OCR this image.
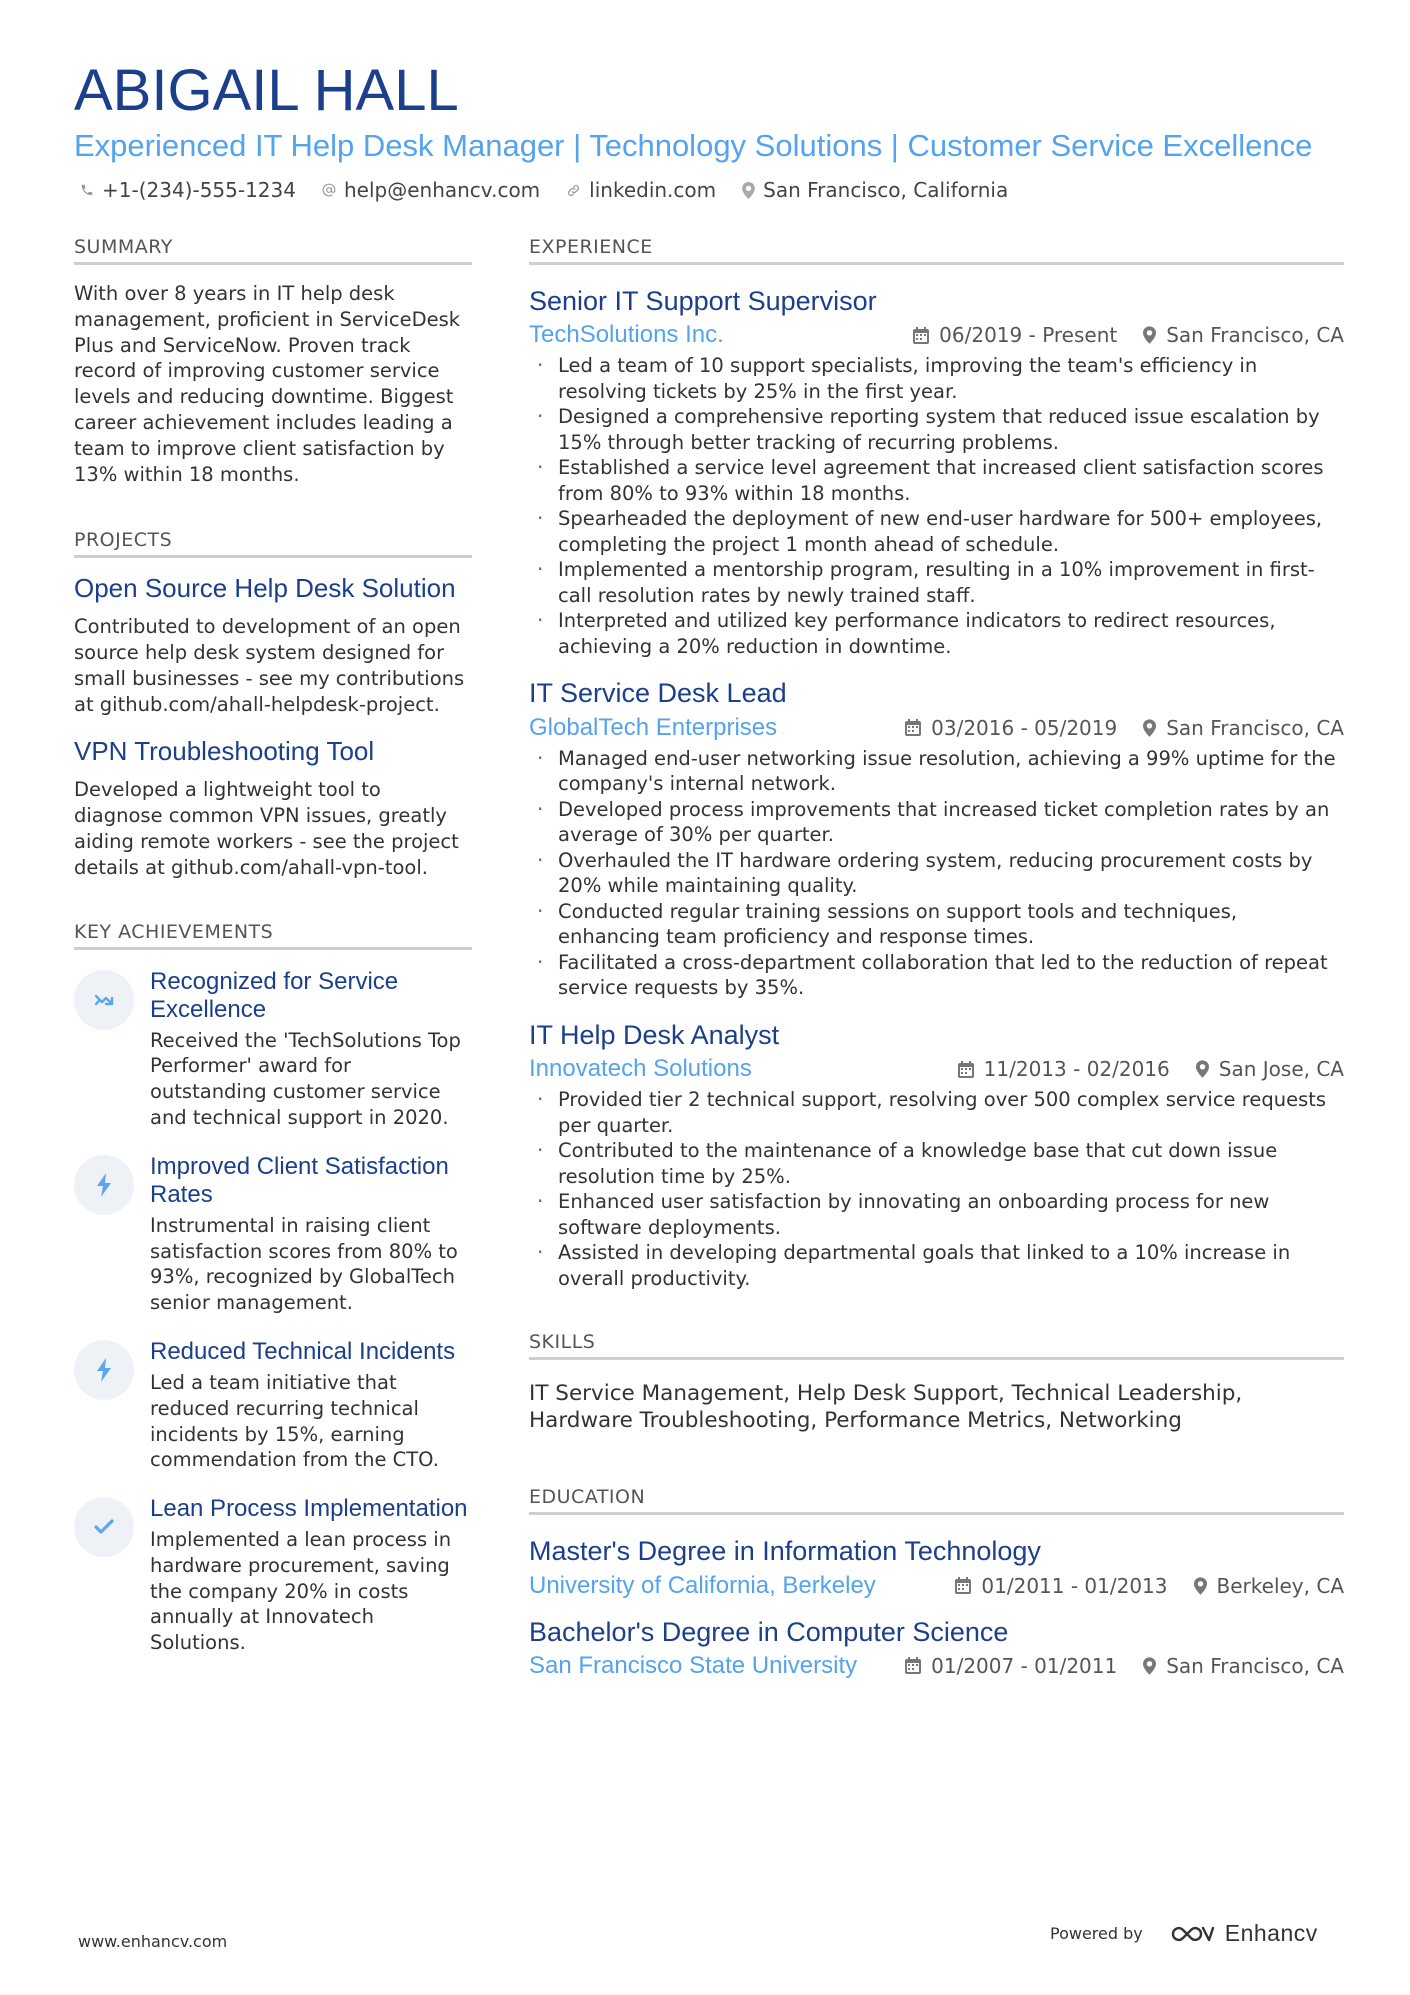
ABIGAIL HALL
Experienced IT Help Desk Manager | Technology Solutions | Customer Service Excellence
+1-(234)-555-1234 help@enhancv.com linkedin.com San Francisco, California
SUMMARY
With over 8 years in IT help desk management, proficient in ServiceDesk Plus and ServiceNow. Proven track record of improving customer service levels and reducing downtime. Biggest career achievement includes leading a team to improve client satisfaction by 13% within 18 months.
PROJECTS
Open Source Help Desk Solution
Contributed to development of an open source help desk system designed for small businesses - see my contributions at github.com/ahall-helpdesk-project.
VPN Troubleshooting Tool
Developed a lightweight tool to diagnose common VPN issues, greatly aiding remote workers - see the project details at github.com/ahall-vpn-tool.
KEY ACHIEVEMENTS
Recognized for Service Excellence
Received the 'TechSolutions Top Performer' award for outstanding customer service and technical support in 2020.
Improved Client Satisfaction Rates
Instrumental in raising client satisfaction scores from 80% to 93%, recognized by GlobalTech senior management.
Reduced Technical Incidents
Led a team initiative that reduced recurring technical incidents by 15%, earning commendation from the CTO.
Lean Process Implementation
Implemented a lean process in hardware procurement, saving the company 20% in costs annually at Innovatech Solutions.
EXPERIENCE
Senior IT Support Supervisor
TechSolutions Inc.	06/2019 - Present San Francisco, CA
· Led a team of 10 support specialists, improving the team's efficiency in resolving tickets by 25% in the first year.
· Designed a comprehensive reporting system that reduced issue escalation by 15% through better tracking of recurring problems.
· Established a service level agreement that increased client satisfaction scores from 80% to 93% within 18 months.
· Spearheaded the deployment of new end-user hardware for 500+ employees, completing the project 1 month ahead of schedule.
· Implemented a mentorship program, resulting in a 10% improvement in first-call resolution rates by newly trained staff.
· Interpreted and utilized key performance indicators to redirect resources, achieving a 20% reduction in downtime.
IT Service Desk Lead
GlobalTech Enterprises	03/2016 - 05/2019 San Francisco, CA
· Managed end-user networking issue resolution, achieving a 99% uptime for the company's internal network.
· Developed process improvements that increased ticket completion rates by an average of 30% per quarter.
· Overhauled the IT hardware ordering system, reducing procurement costs by 20% while maintaining quality.
· Conducted regular training sessions on support tools and techniques, enhancing team proficiency and response times.
· Facilitated a cross-department collaboration that led to the reduction of repeat service requests by 35%.
IT Help Desk Analyst
Innovatech Solutions	11/2013 - 02/2016 San Jose, CA
· Provided tier 2 technical support, resolving over 500 complex service requests per quarter.
· Contributed to the maintenance of a knowledge base that cut down issue resolution time by 25%.
· Enhanced user satisfaction by innovating an onboarding process for new software deployments.
· Assisted in developing departmental goals that linked to a 10% increase in overall productivity.
SKILLS
IT Service Management, Help Desk Support, Technical Leadership, Hardware Troubleshooting, Performance Metrics, Networking
EDUCATION
Master's Degree in Information Technology
University of California, Berkeley	01/2011 - 01/2013 Berkeley, CA
Bachelor's Degree in Computer Science
San Francisco State University	01/2007 - 01/2011 San Francisco, CA
www.enhancv.com	Powered by	Enhancv
